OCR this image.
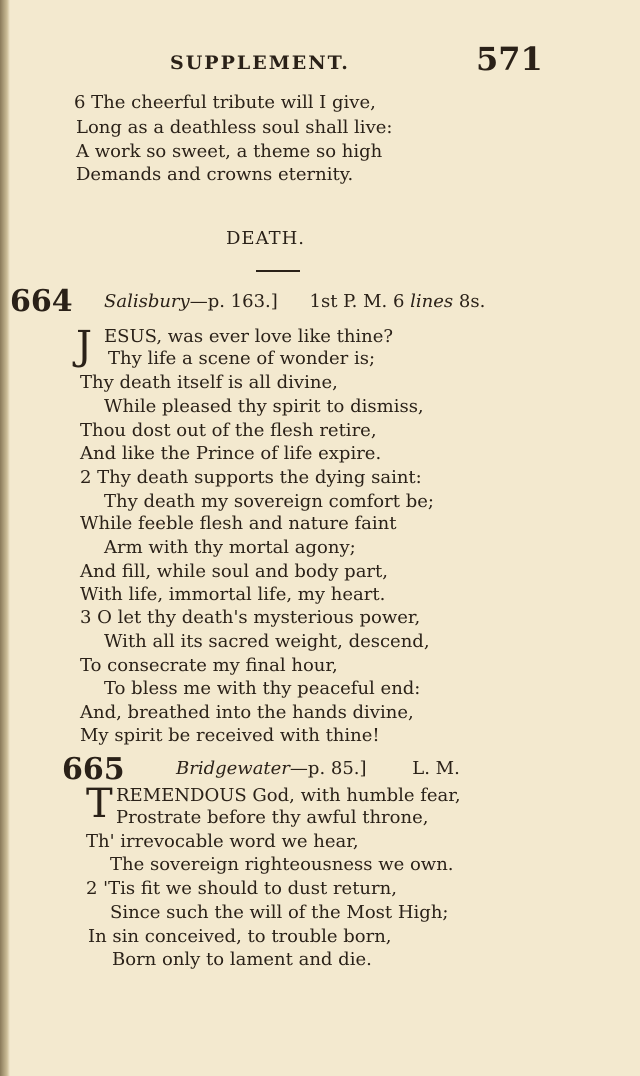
SUPPLEMENT.	571
6 The cheerful tribute will I give,
Long as a deathless soul shall live:
A work so sweet, a theme so high
Demands and crowns eternity.
DEATH.
664 Salisbury—p. 163.] 1st P. M. 6 lines 8s.
J ESUS, was ever love like thine?
Thy life a scene of wonder is;
Thy death itself is all divine,
While pleased thy spirit to dismiss,
Thou dost out of the flesh retire,
And like the Prince of life expire.
2 Thy death supports the dying saint:
Thy death my sovereign comfort be;
While feeble flesh and nature faint
Arm with thy mortal agony;
And fill, while soul and body part,
With life, immortal life, my heart.
3 O let thy death's mysterious power,
With all its sacred weight, descend,
To consecrate my final hour,
To bless me with thy peaceful end:
And, breathed into the hands divine,
My spirit be received with thine!
665	Bridgewater—p. 85.]	L. M.
T REMENDOUS God, with humble fear,
Prostrate before thy awful throne,
Th' irrevocable word we hear,
The sovereign righteousness we own.
2 'Tis fit we should to dust return,
Since such the will of the Most High;
In sin conceived, to trouble born,
Born only to lament and die.
